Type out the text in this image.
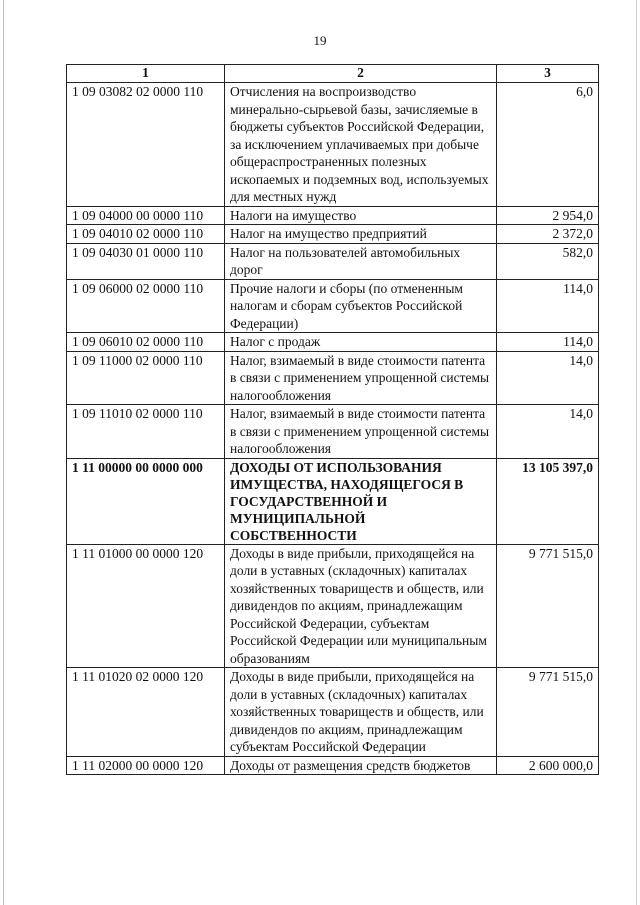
19
1	2	3
1 09 03082 02 0000 110	Отчисления на воспроизводство минерально-сырьевой базы, зачисляемые в бюджеты субъектов Российской Федерации, за исключением уплачиваемых при добыче общераспространенных полезных ископаемых и подземных вод, используемых для местных нужд	6,0
1 09 04000 00 0000 110	Налоги на имущество	2 954,0
1 09 04010 02 0000 110	Налог на имущество предприятий	2 372,0
1 09 04030 01 0000 110	Налог на пользователей автомобильных дорог	582,0
1 09 06000 02 0000 110	Прочие налоги и сборы (по отмененным налогам и сборам субъектов Российской Федерации)	114,0
1 09 06010 02 0000 110	Налог с продаж	114,0
1 09 11000 02 0000 110	Налог, взимаемый в виде стоимости патента в связи с применением упрощенной системы налогообложения	14,0
1 09 11010 02 0000 110	Налог, взимаемый в виде стоимости патента в связи с применением упрощенной системы налогообложения	14,0
1 11 00000 00 0000 000	ДОХОДЫ ОТ ИСПОЛЬЗОВАНИЯ ИМУЩЕСТВА, НАХОДЯЩЕГОСЯ В ГОСУДАРСТВЕННОЙ И МУНИЦИПАЛЬНОЙ СОБСТВЕННОСТИ	13 105 397,0
1 11 01000 00 0000 120	Доходы в виде прибыли, приходящейся на доли в уставных (складочных) капиталах хозяйственных товариществ и обществ, или дивидендов по акциям, принадлежащим Российской Федерации, субъектам Российской Федерации или муниципальным образованиям	9 771 515,0
1 11 01020 02 0000 120	Доходы в виде прибыли, приходящейся на доли в уставных (складочных) капиталах хозяйственных товариществ и обществ, или дивидендов по акциям, принадлежащим субъектам Российской Федерации	9 771 515,0
1 11 02000 00 0000 120	Доходы от размещения средств бюджетов	2 600 000,0
